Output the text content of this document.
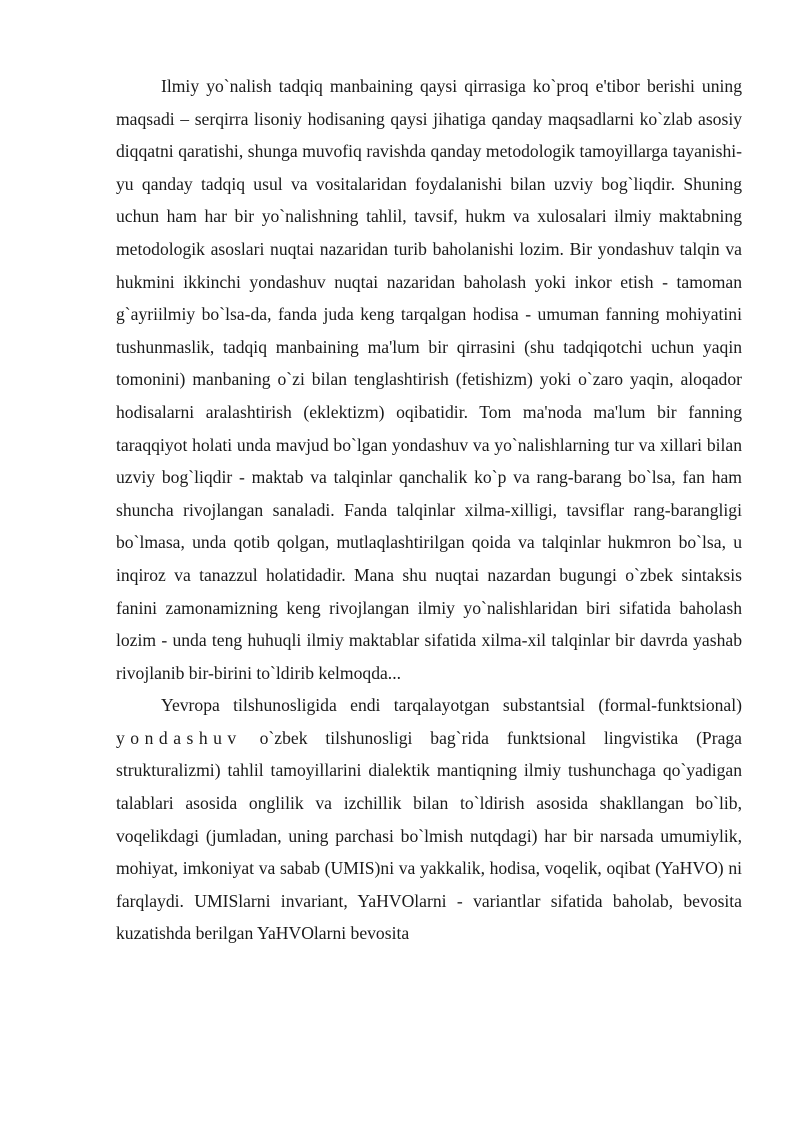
Ilmiy yo`nalish tadqiq manbaining qaysi qirrasiga ko`proq e'tibor berishi uning maqsadi – serqirra lisoniy hodisaning qaysi jihatiga qanday maqsadlarni ko`zlab asosiy diqqatni qaratishi, shunga muvofiq ravishda qanday metodologik tamoyillarga tayanishi-yu qanday tadqiq usul va vositalaridan foydalanishi bilan uzviy bog`liqdir. Shuning uchun ham har bir yo`nalishning tahlil, tavsif, hukm va xulosalari ilmiy maktabning metodologik asoslari nuqtai nazaridan turib baholanishi lozim. Bir yondashuv talqin va hukmini ikkinchi yondashuv nuqtai nazaridan baholash yoki inkor etish - tamoman g`ayriilmiy bo`lsa-da, fanda juda keng tarqalgan hodisa - umuman fanning mohiyatini tushunmaslik, tadqiq manbaining ma'lum bir qirrasini (shu tadqiqotchi uchun yaqin tomonini) manbaning o`zi bilan tenglashtirish (fetishizm) yoki o`zaro yaqin, aloqador hodisalarni aralashtirish (eklektizm) oqibatidir. Tom ma'noda ma'lum bir fanning taraqqiyot holati unda mavjud bo`lgan yondashuv va yo`nalishlarning tur va xillari bilan uzviy bog`liqdir - maktab va talqinlar qanchalik ko`p va rang-barang bo`lsa, fan ham shuncha rivojlangan sanaladi. Fanda talqinlar xilma-xilligi, tavsiflar rang-barangligi bo`lmasa, unda qotib qolgan, mutlaqlashtirilgan qoida va talqinlar hukmron bo`lsa, u inqiroz va tanazzul holatidadir. Mana shu nuqtai nazardan bugungi o`zbek sintaksis fanini zamonamizning keng rivojlangan ilmiy yo`nalishlaridan biri sifatida baholash lozim - unda teng huhuqli ilmiy maktablar sifatida xilma-xil talqinlar bir davrda yashab rivojlanib bir-birini to`ldirib kelmoqda...

Yevropa tilshunosligida endi tarqalayotgan substantsial (formal-funktsional) yondashuv o`zbek tilshunosligi bag`rida funktsional lingvistika (Praga strukturalizmi) tahlil tamoyillarini dialektik mantiqning ilmiy tushunchaga qo`yadigan talablari asosida onglilik va izchillik bilan to`ldirish asosida shakllangan bo`lib, voqelikdagi (jumladan, uning parchasi bo`lmish nutqdagi) har bir narsada umumiylik, mohiyat, imkoniyat va sabab (UMIS)ni va yakkalik, hodisa, voqelik, oqibat (YaHVO) ni farqlaydi. UMISlarni invariant, YaHVOlarni - variantlar sifatida baholab, bevosita kuzatishda berilgan YaHVOlarni bevosita
